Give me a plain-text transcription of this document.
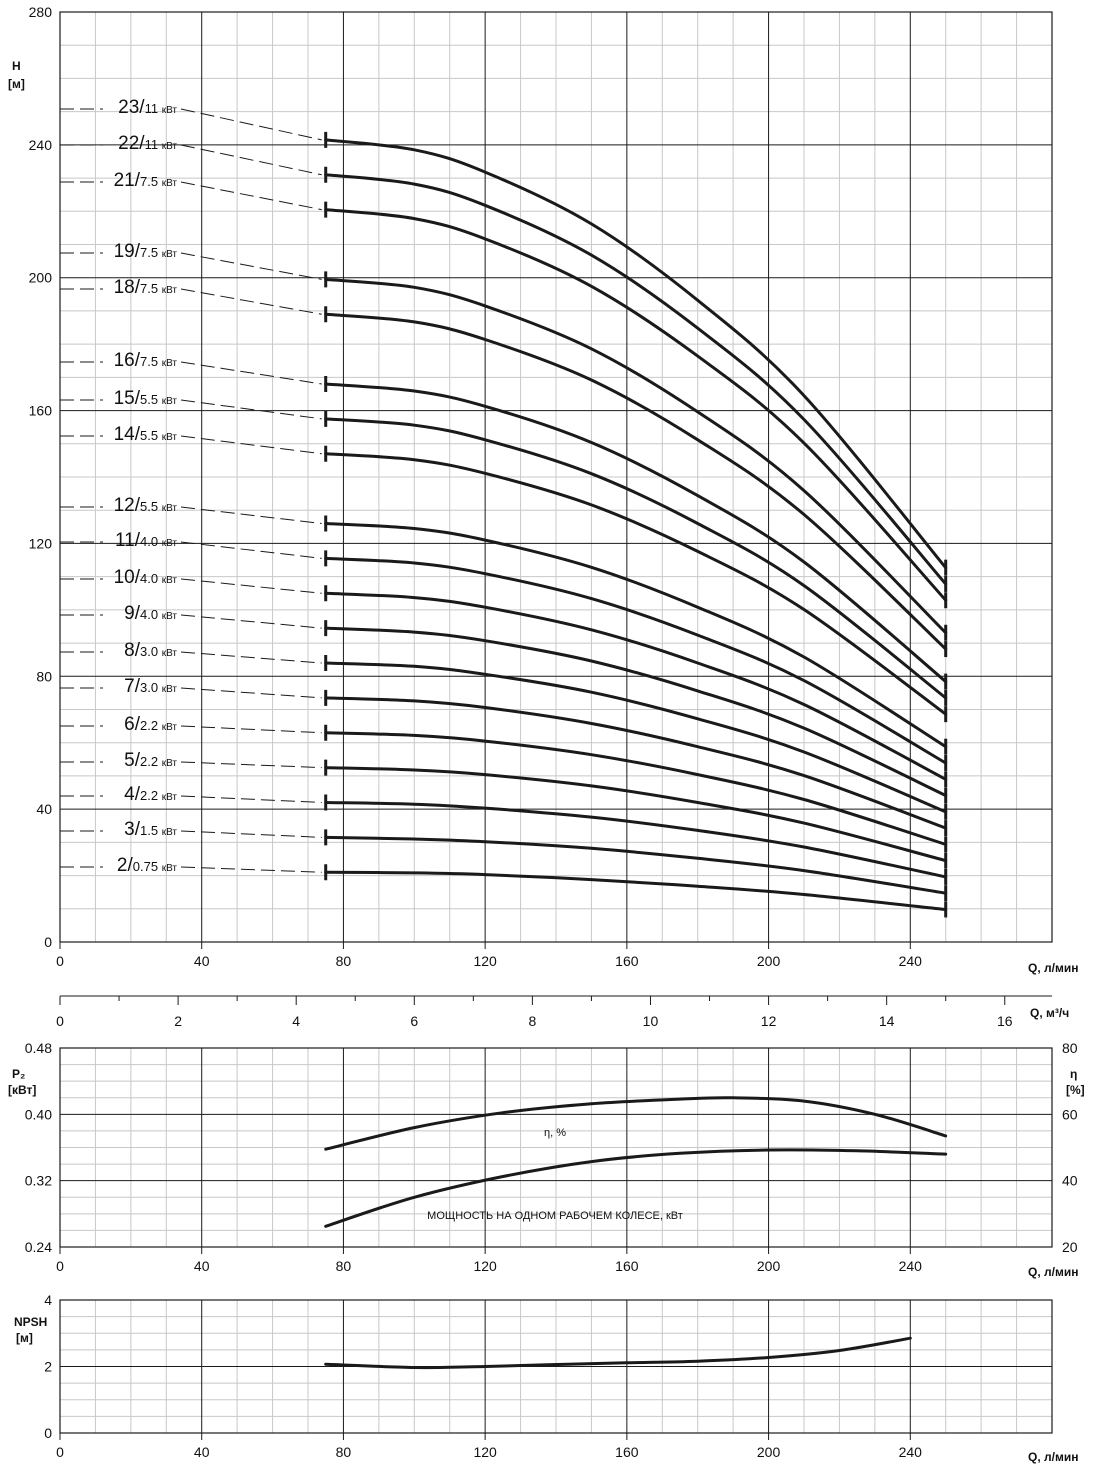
0
40
80
120
160
200
240
280
0	40	80	120	160	200	240	Q, л/мин
H
[м]
2/0.75 кВт
3/1.5 кВт
4/2.2 кВт
5/2.2 кВт
6/2.2 кВт
7/3.0 кВт
8/3.0 кВт
9/4.0 кВт
10/4.0 кВт
11/4.0 кВт
12/5.5 кВт
14/5.5 кВт
15/5.5 кВт
16/7.5 кВт
18/7.5 кВт
19/7.5 кВт
21/7.5 кВт
22/11 кВт
23/11 кВт
0	2	4	6	8	10	12	14	16 Q, м³/ч
0.24
0.32
0.40
0.48
20
40
60
80
0	40	80	120	160	200	240	Q, л/мин
P₂
[кВт]
η
[%]
η, %
МОЩНОСТЬ НА ОДНОМ РАБОЧЕМ КОЛЕСЕ, кВт
0
2
4
0	40	80	120	160	200	240	Q, л/мин
NPSH
[м]
